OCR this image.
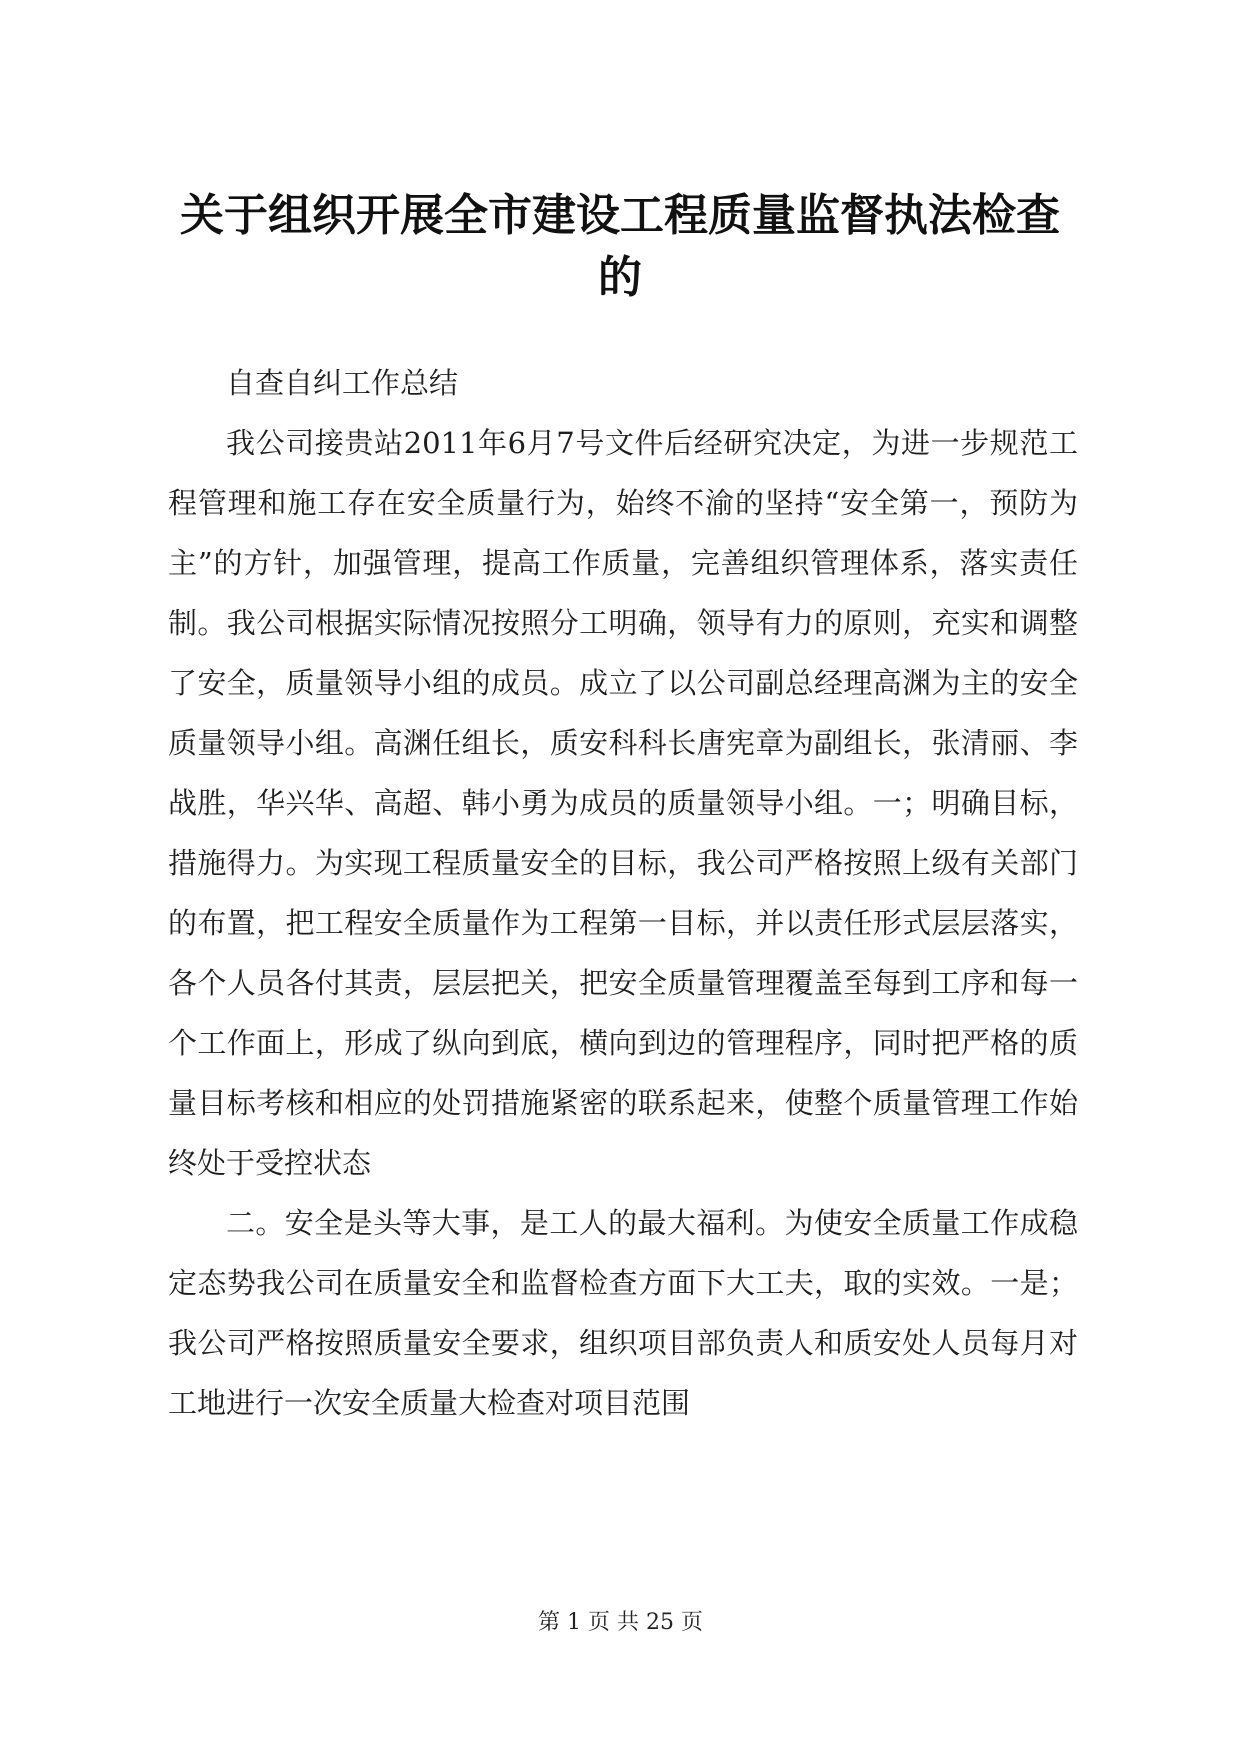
关于组织开展全市建设工程质量监督执法检查
的

自查自纠工作总结

我公司接贵站2011年6月7号文件后经研究决定，为进一步规范工程管理和施工存在安全质量行为，始终不渝的坚持“安全第一，预防为主”的方针，加强管理，提高工作质量，完善组织管理体系，落实责任制。我公司根据实际情况按照分工明确，领导有力的原则，充实和调整了安全，质量领导小组的成员。成立了以公司副总经理高渊为主的安全质量领导小组。高渊任组长，质安科科长唐宪章为副组长，张清丽、李战胜，华兴华、高超、韩小勇为成员的质量领导小组。一；明确目标，措施得力。为实现工程质量安全的目标，我公司严格按照上级有关部门的布置，把工程安全质量作为工程第一目标，并以责任形式层层落实，各个人员各付其责，层层把关，把安全质量管理覆盖至每到工序和每一个工作面上，形成了纵向到底，横向到边的管理程序，同时把严格的质量目标考核和相应的处罚措施紧密的联系起来，使整个质量管理工作始终处于受控状态

二。安全是头等大事，是工人的最大福利。为使安全质量工作成稳定态势我公司在质量安全和监督检查方面下大工夫，取的实效。一是；我公司严格按照质量安全要求，组织项目部负责人和质安处人员每月对工地进行一次安全质量大检查对项目范围

第 1 页 共 25 页
